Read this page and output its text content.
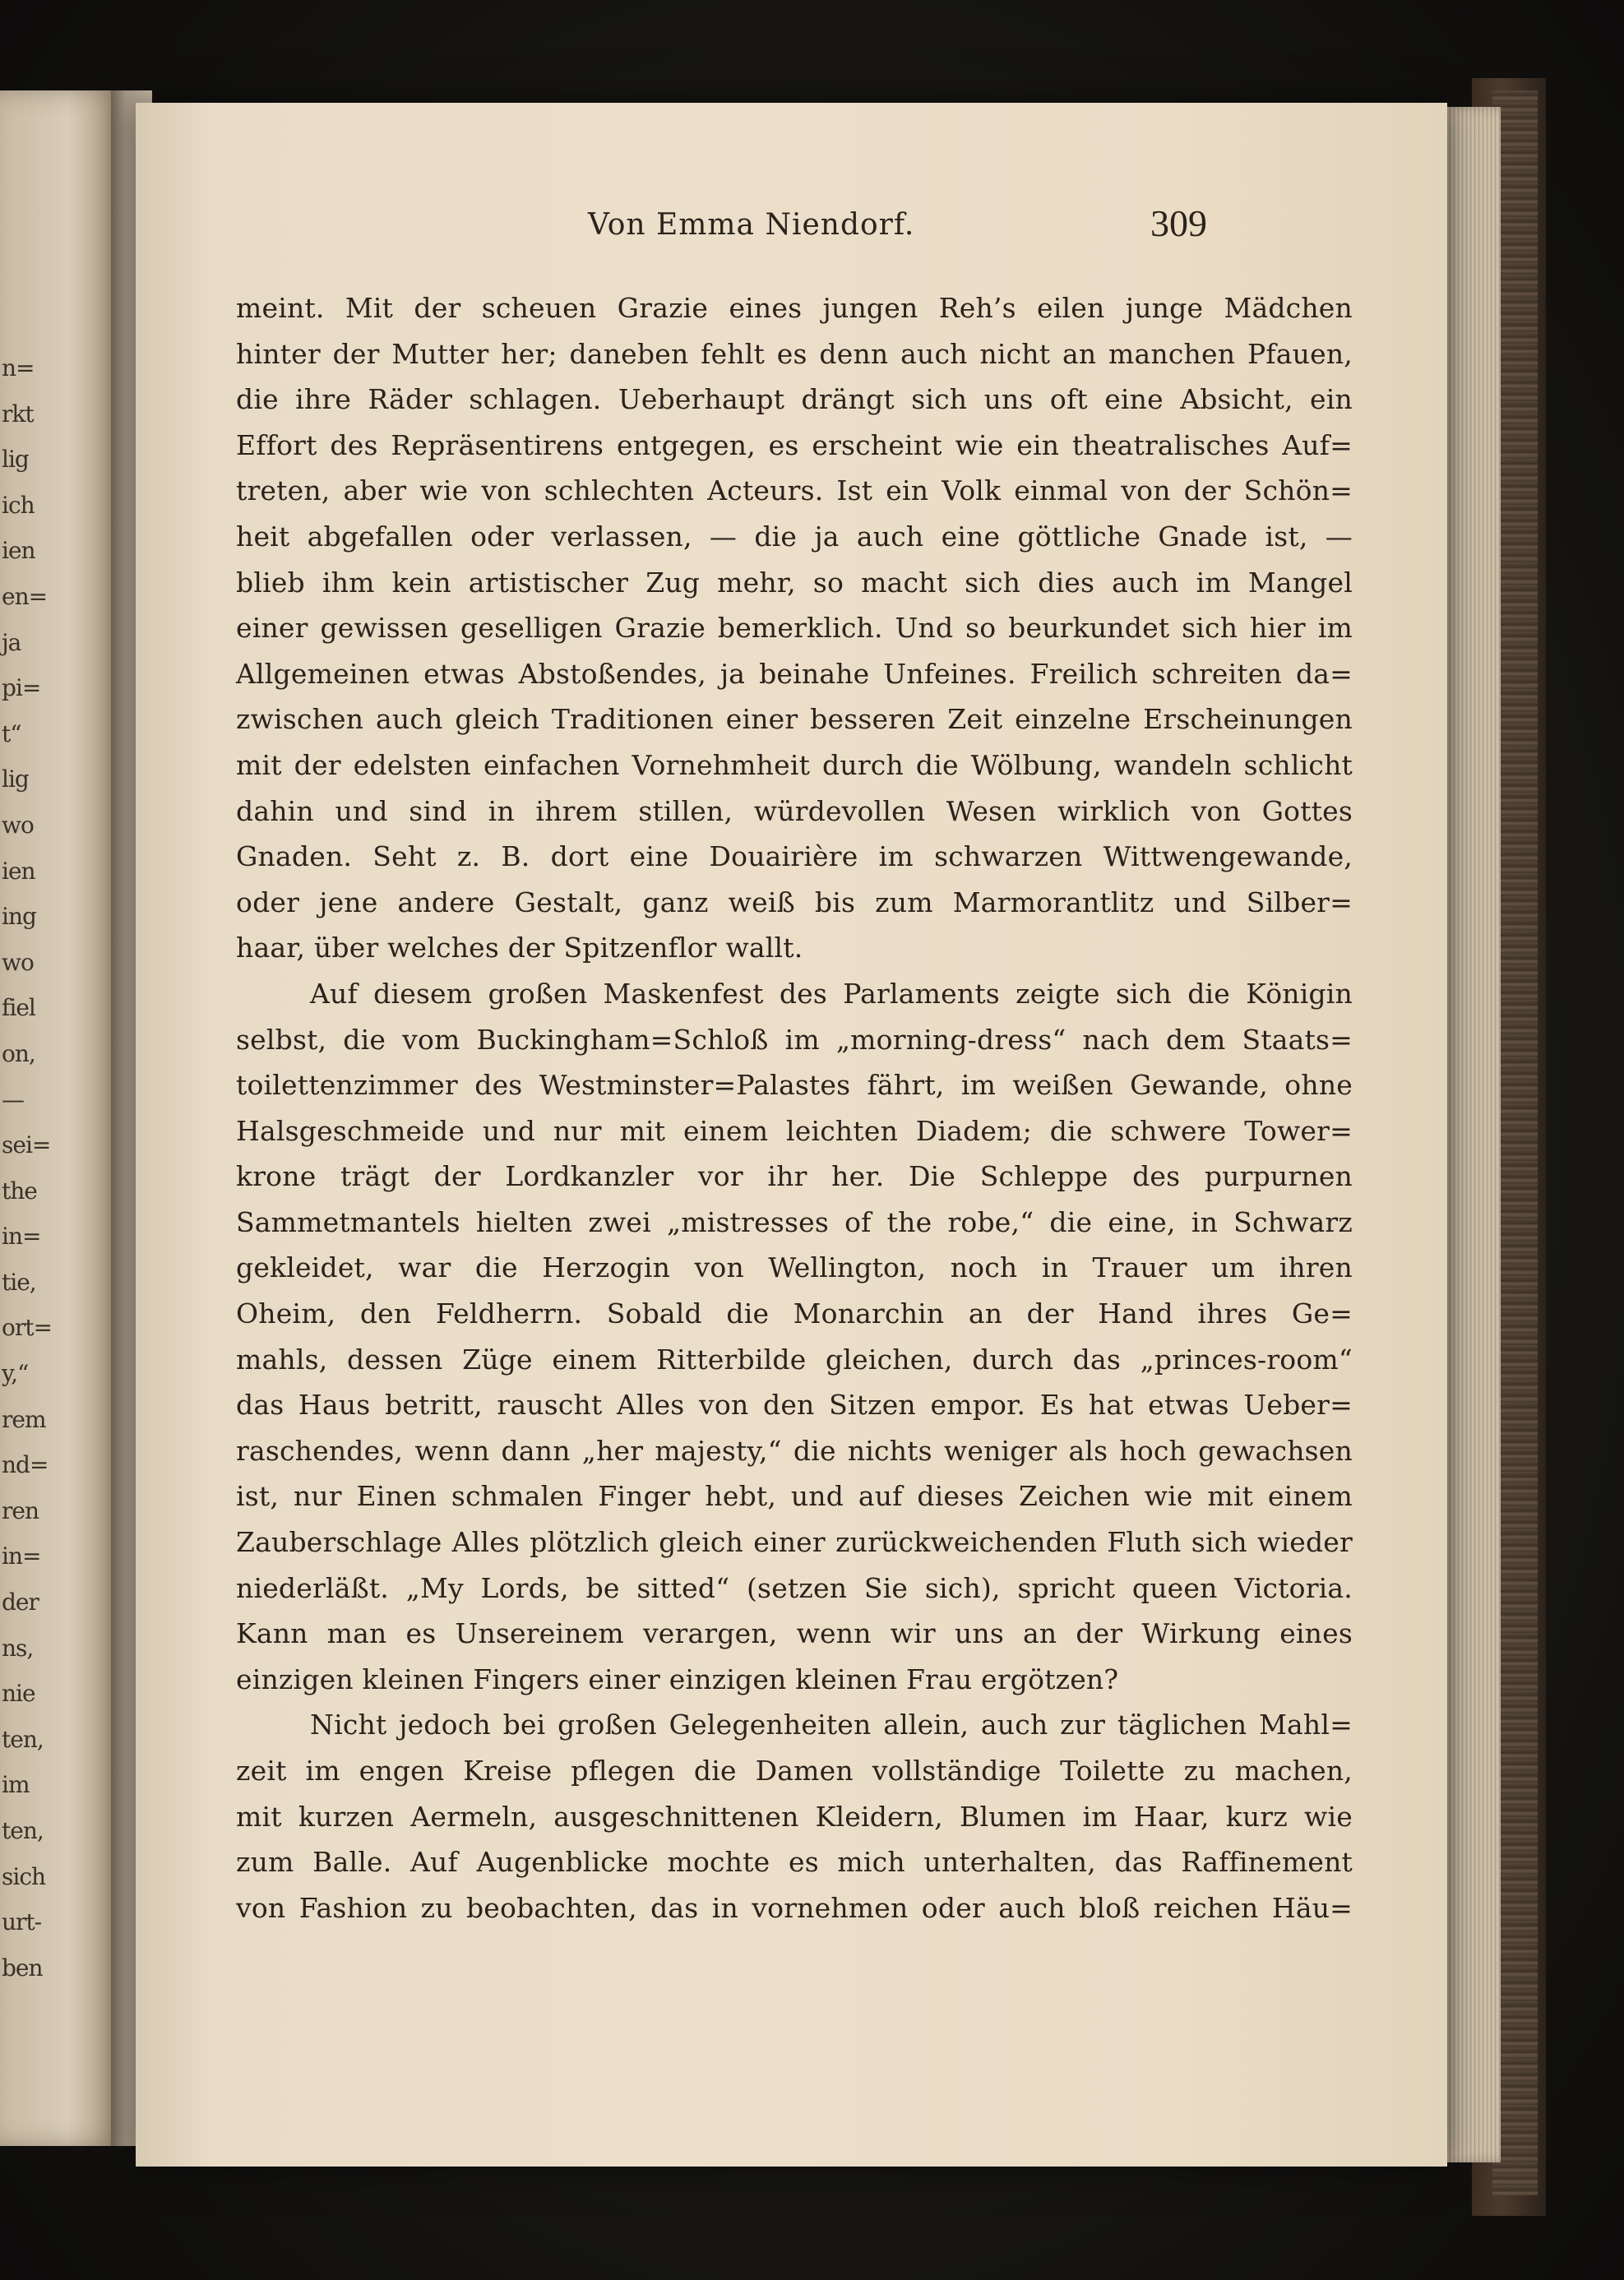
n=
rkt
lig
ich
ien
en=
ja
pi=
t“
lig
wo
ien
ing
wo
fiel
on,
—
sei=
the
in=
tie,
ort=
y,“
rem
nd=
ren
in=
der
ns,
nie
ten,
im
ten,
sich
urt-
ben
Von Emma Niendorf.	309
meint. Mit der scheuen Grazie eines jungen Reh’s eilen junge Mädchen
hinter der Mutter her; daneben fehlt es denn auch nicht an manchen Pfauen,
die ihre Räder schlagen. Ueberhaupt drängt sich uns oft eine Absicht, ein
Effort des Repräsentirens entgegen, es erscheint wie ein theatralisches Auf=
treten, aber wie von schlechten Acteurs. Ist ein Volk einmal von der Schön=
heit abgefallen oder verlassen, — die ja auch eine göttliche Gnade ist, —
blieb ihm kein artistischer Zug mehr, so macht sich dies auch im Mangel
einer gewissen geselligen Grazie bemerklich. Und so beurkundet sich hier im
Allgemeinen etwas Abstoßendes, ja beinahe Unfeines. Freilich schreiten da=
zwischen auch gleich Traditionen einer besseren Zeit einzelne Erscheinungen
mit der edelsten einfachen Vornehmheit durch die Wölbung, wandeln schlicht
dahin und sind in ihrem stillen, würdevollen Wesen wirklich von Gottes
Gnaden. Seht z. B. dort eine Douairière im schwarzen Wittwengewande,
oder jene andere Gestalt, ganz weiß bis zum Marmorantlitz und Silber=
haar, über welches der Spitzenflor wallt.
Auf diesem großen Maskenfest des Parlaments zeigte sich die Königin
selbst, die vom Buckingham=Schloß im „morning-dress“ nach dem Staats=
toilettenzimmer des Westminster=Palastes fährt, im weißen Gewande, ohne
Halsgeschmeide und nur mit einem leichten Diadem; die schwere Tower=
krone trägt der Lordkanzler vor ihr her. Die Schleppe des purpurnen
Sammetmantels hielten zwei „mistresses of the robe,“ die eine, in Schwarz
gekleidet, war die Herzogin von Wellington, noch in Trauer um ihren
Oheim, den Feldherrn. Sobald die Monarchin an der Hand ihres Ge=
mahls, dessen Züge einem Ritterbilde gleichen, durch das „princes-room“
das Haus betritt, rauscht Alles von den Sitzen empor. Es hat etwas Ueber=
raschendes, wenn dann „her majesty,“ die nichts weniger als hoch gewachsen
ist, nur Einen schmalen Finger hebt, und auf dieses Zeichen wie mit einem
Zauberschlage Alles plötzlich gleich einer zurückweichenden Fluth sich wieder
niederläßt. „My Lords, be sitted“ (setzen Sie sich), spricht queen Victoria.
Kann man es Unsereinem verargen, wenn wir uns an der Wirkung eines
einzigen kleinen Fingers einer einzigen kleinen Frau ergötzen?
Nicht jedoch bei großen Gelegenheiten allein, auch zur täglichen Mahl=
zeit im engen Kreise pflegen die Damen vollständige Toilette zu machen,
mit kurzen Aermeln, ausgeschnittenen Kleidern, Blumen im Haar, kurz wie
zum Balle. Auf Augenblicke mochte es mich unterhalten, das Raffinement
von Fashion zu beobachten, das in vornehmen oder auch bloß reichen Häu=
